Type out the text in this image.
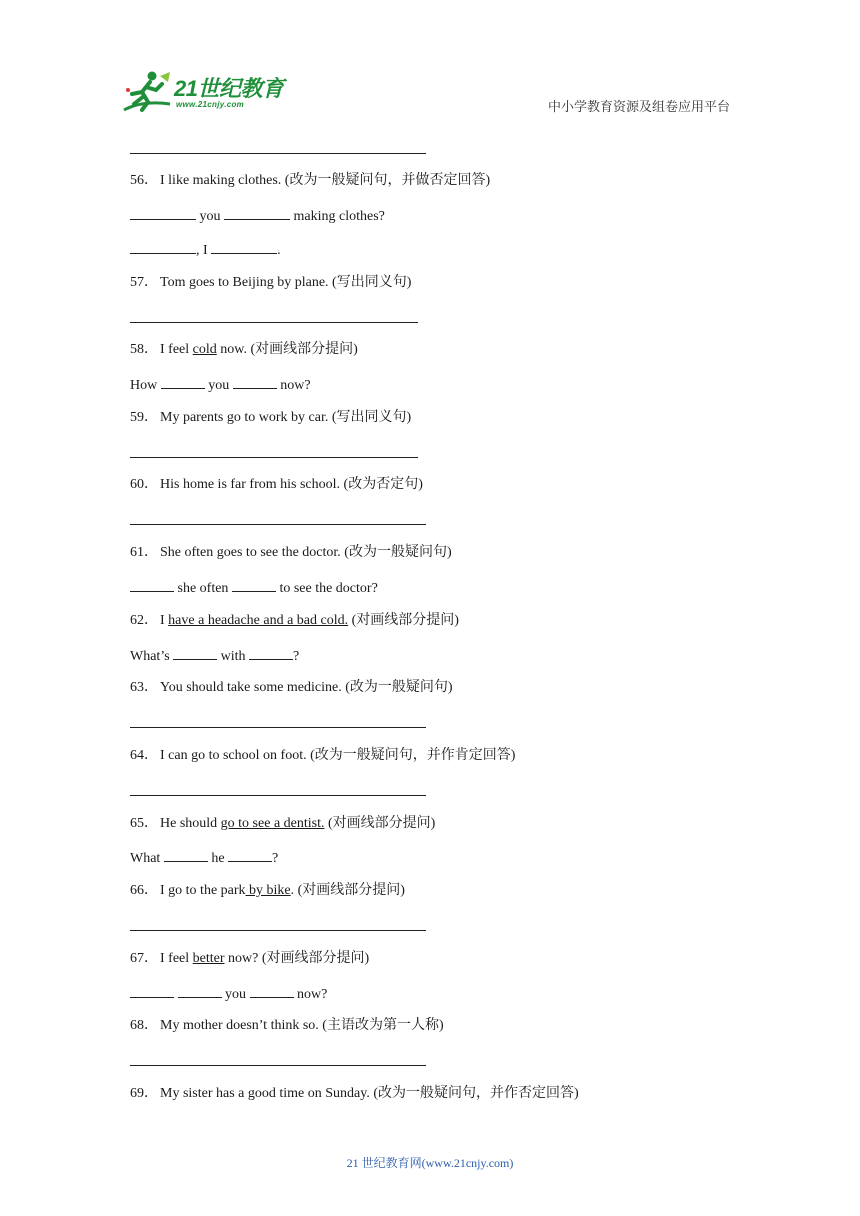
21世纪教育
www.21cnjy.com	中小学教育资源及组卷应用平台
56． I like making clothes. (改为一般疑问句，并做否定回答)
you	making clothes?
, I	.
57． Tom goes to Beijing by plane. (写出同义句)
58． I feel cold now. (对画线部分提问)
How	you	now?
59． My parents go to work by car. (写出同义句)
60． His home is far from his school. (改为否定句)
61． She often goes to see the doctor. (改为一般疑问句)
she often	to see the doctor?
62． I have a headache and a bad cold. (对画线部分提问)
What’s	with	?
63． You should take some medicine. (改为一般疑问句)
64． I can go to school on foot. (改为一般疑问句，并作肯定回答)
65． He should go to see a dentist. (对画线部分提问)
What	he	?
66． I go to the park by bike. (对画线部分提问)
67． I feel better now? (对画线部分提问)
you	now?
68． My mother doesn’t think so. (主语改为第一人称)
69． My sister has a good time on Sunday. (改为一般疑问句，并作否定回答)
21 世纪教育网(www.21cnjy.com)
